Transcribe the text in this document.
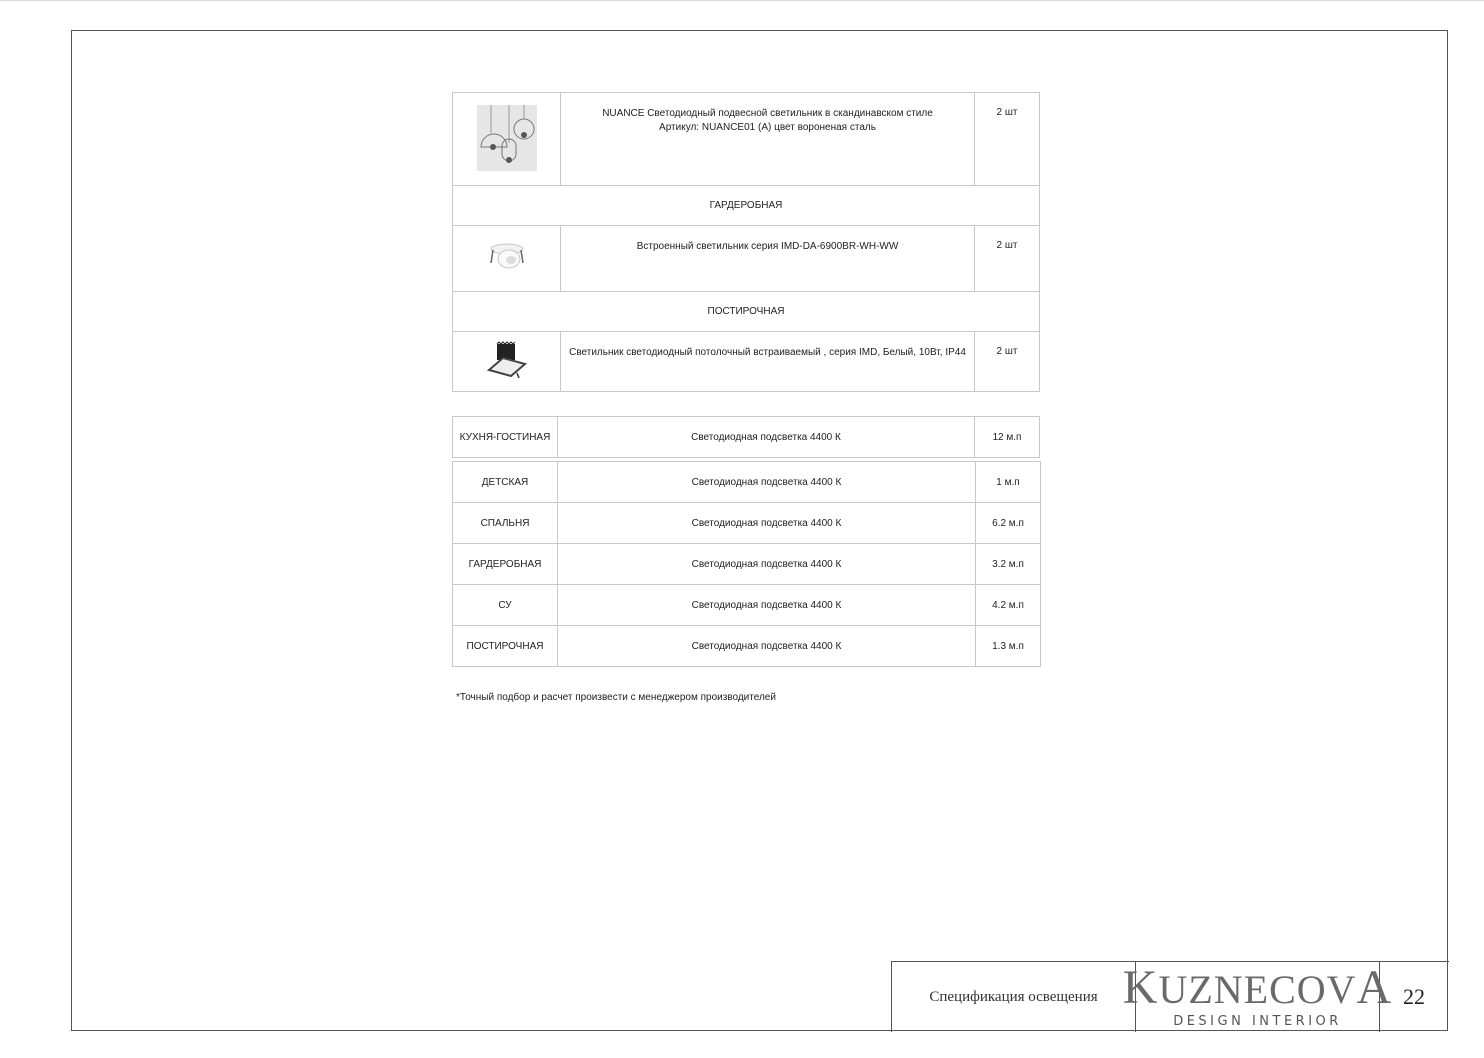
NUANCE Светодиодный подвесной светильник в скандинавском стиле
Артикул: NUANCE01 (A) цвет вороненая сталь	2 шт
ГАРДЕРОБНАЯ		

Встроенный светильник серия IMD-DA-6900BR-WH-WW	2 шт
ПОСТИРОЧНАЯ		

Светильник светодиодный потолочный встраиваемый , серия IMD, Белый, 10Вт, IP44	2 шт
КУХНЯ-ГОСТИНАЯ	Светодиодная подсветка 4400 К	12 м.п
ДЕТСКАЯ	Светодиодная подсветка 4400 К	1 м.п
СПАЛЬНЯ	Светодиодная подсветка 4400 К	6.2 м.п
ГАРДЕРОБНАЯ	Светодиодная подсветка 4400 К	3.2 м.п
СУ	Светодиодная подсветка 4400 К	4.2 м.п
ПОСТИРОЧНАЯ	Светодиодная подсветка 4400 К	1.3 м.п
*Точный подбор и расчет произвести с менеджером производителей
Спецификация освещения KUZNECOVA
DESIGN INTERIOR
22
